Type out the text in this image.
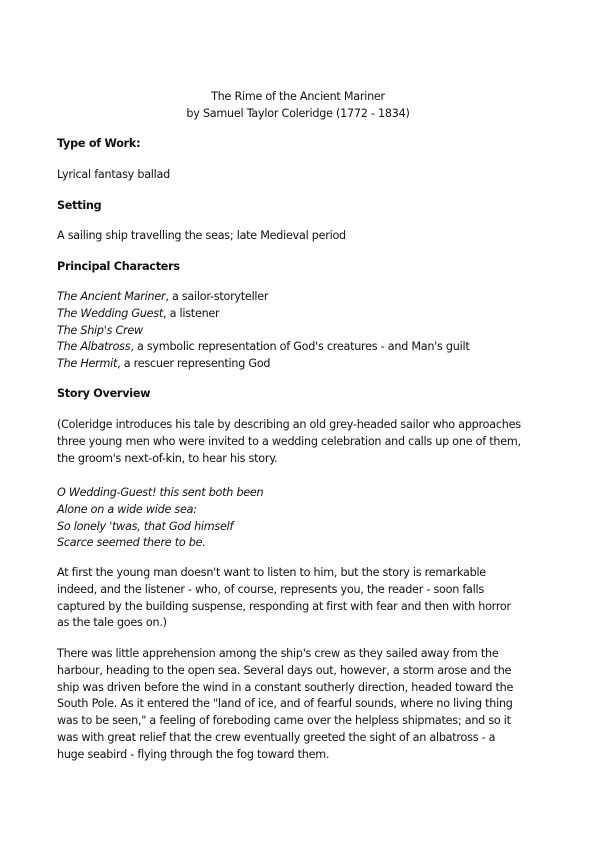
The Rime of the Ancient Mariner
by Samuel Taylor Coleridge (1772 - 1834)
Type of Work:
Lyrical fantasy ballad
Setting
A sailing ship travelling the seas; late Medieval period
Principal Characters
The Ancient Mariner, a sailor-storyteller
The Wedding Guest, a listener
The Ship's Crew
The Albatross, a symbolic representation of God's creatures - and Man's guilt
The Hermit, a rescuer representing God
Story Overview
(Coleridge introduces his tale by describing an old grey-headed sailor who approaches
three young men who were invited to a wedding celebration and calls up one of them,
the groom's next-of-kin, to hear his story.
O Wedding-Guest! this sent both been
Alone on a wide wide sea:
So lonely 'twas, that God himself
Scarce seemed there to be.
At first the young man doesn't want to listen to him, but the story is remarkable
indeed, and the listener - who, of course, represents you, the reader - soon falls
captured by the building suspense, responding at first with fear and then with horror
as the tale goes on.)
There was little apprehension among the ship's crew as they sailed away from the
harbour, heading to the open sea. Several days out, however, a storm arose and the
ship was driven before the wind in a constant southerly direction, headed toward the
South Pole. As it entered the "land of ice, and of fearful sounds, where no living thing
was to be seen," a feeling of foreboding came over the helpless shipmates; and so it
was with great relief that the crew eventually greeted the sight of an albatross - a
huge seabird - flying through the fog toward them.
